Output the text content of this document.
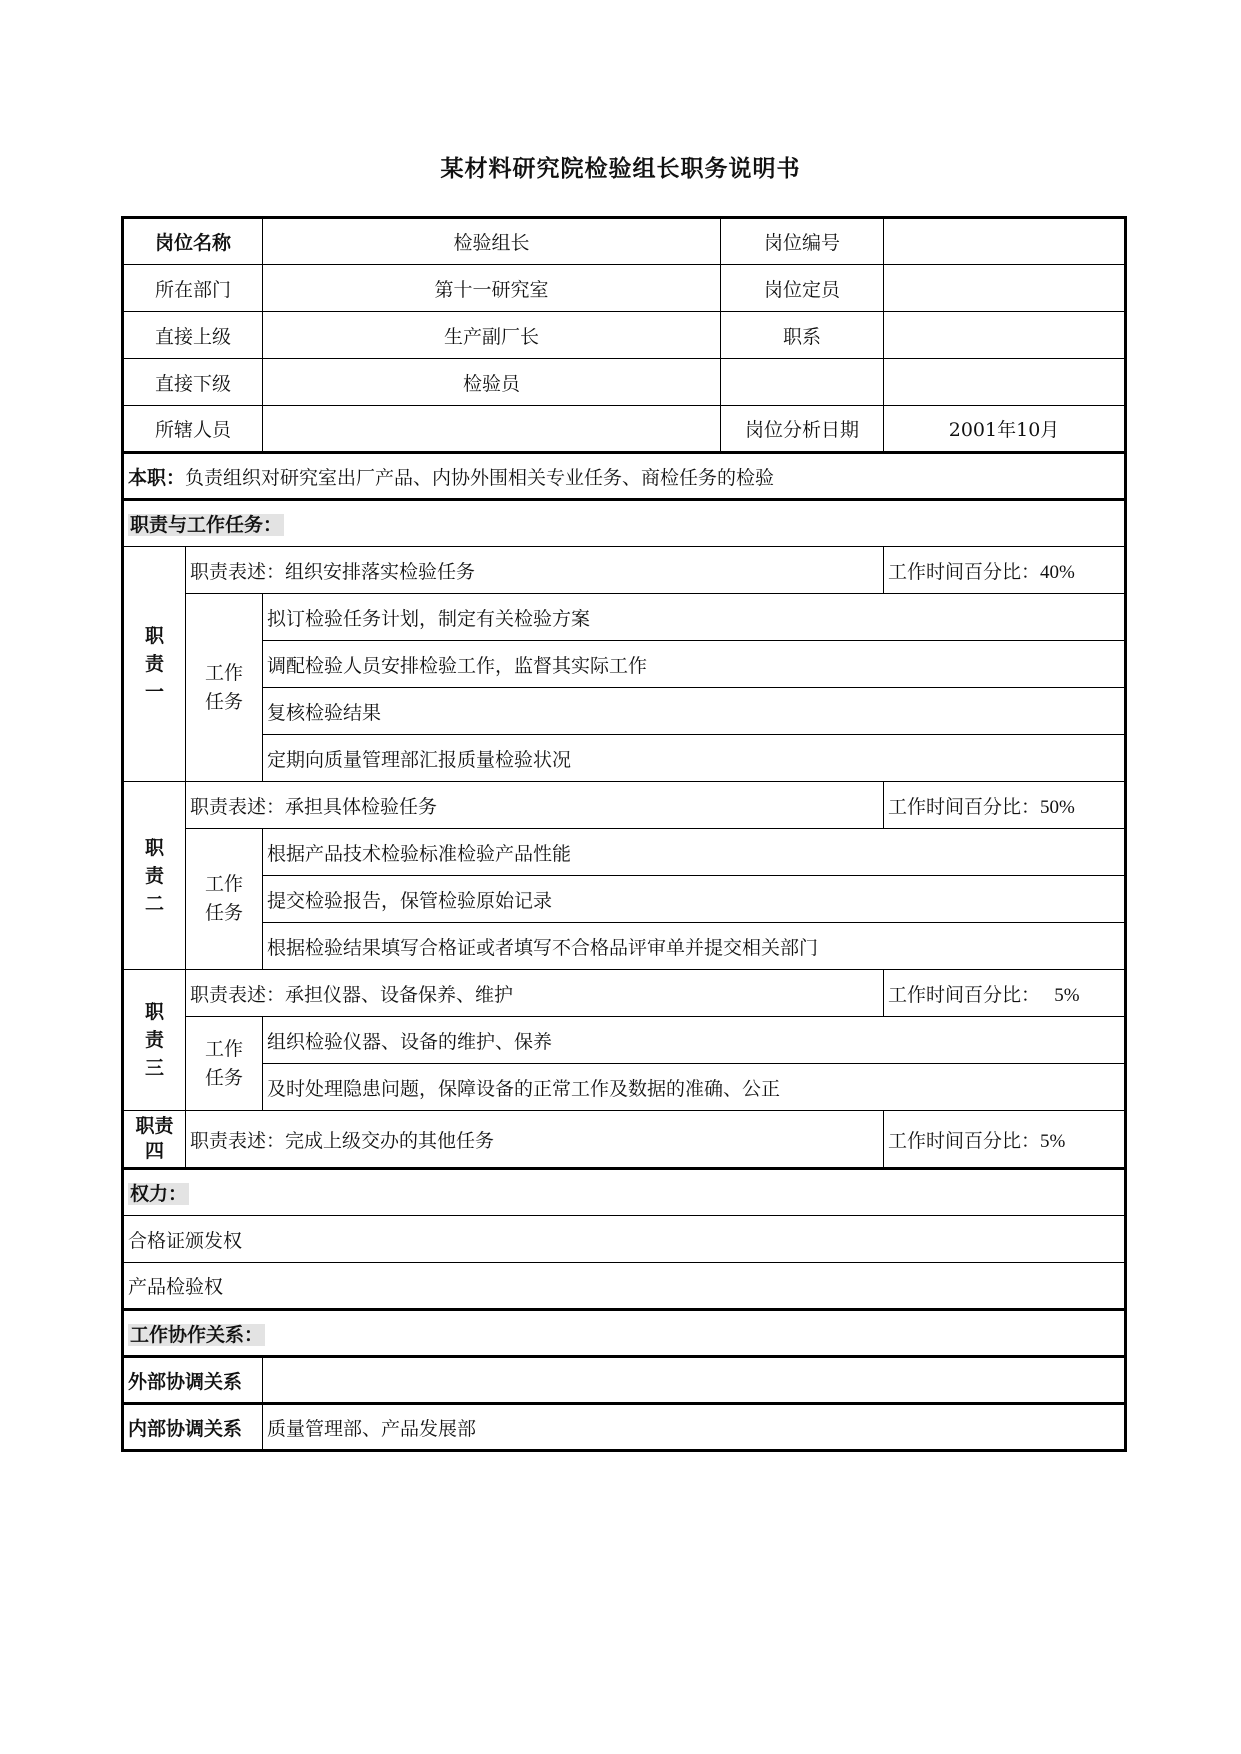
某材料研究院检验组长职务说明书
岗位名称		检验组长	岗位编号	
所在部门		第十一研究室	岗位定员	
直接上级		生产副厂长	职系	
直接下级		检验员		
所辖人员			岗位分析日期	2001年10月
本职：负责组织对研究室出厂产品、内协外围相关专业任务、商检任务的检验				
职责与工作任务：				
职责一	职责表述：组织安排落实检验任务			工作时间百分比：40%
	工作任务	拟订检验任务计划，制定有关检验方案		
		调配检验人员安排检验工作，监督其实际工作		
		复核检验结果		
		定期向质量管理部汇报质量检验状况		
职责二	职责表述：承担具体检验任务			工作时间百分比：50%
	工作任务	根据产品技术检验标准检验产品性能		
		提交检验报告，保管检验原始记录		
		根据检验结果填写合格证或者填写不合格品评审单并提交相关部门		
职责三	职责表述：承担仪器、设备保养、维护			工作时间百分比：   5%
	工作任务	组织检验仪器、设备的维护、保养		
		及时处理隐患问题，保障设备的正常工作及数据的准确、公正		
职责四	职责表述：完成上级交办的其他任务			工作时间百分比：5%
权力：				
合格证颁发权				
产品检验权				
工作协作关系：				
外部协调关系				
内部协调关系		质量管理部、产品发展部		
